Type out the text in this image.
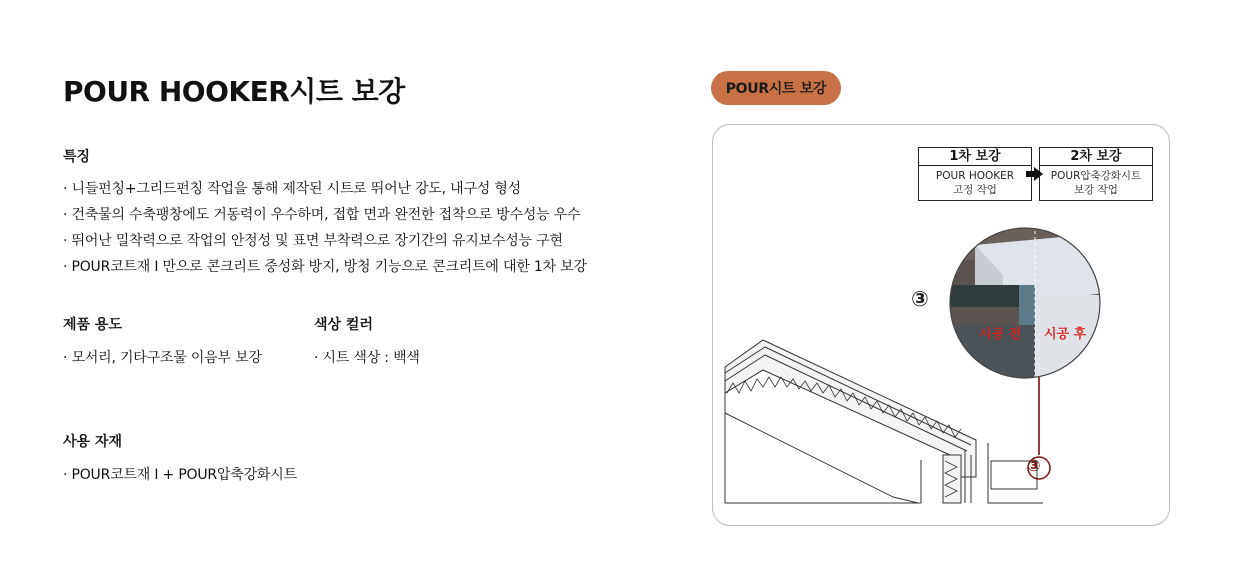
POUR HOOKER시트 보강
특징
· 니들펀칭+그리드펀칭 작업을 통해 제작된 시트로 뛰어난 강도, 내구성 형성
· 건축물의 수축팽창에도 거동력이 우수하며, 접합 면과 완전한 접착으로 방수성능 우수
· 뛰어난 밀착력으로 작업의 안정성 및 표면 부착력으로 장기간의 유지보수성능 구현
· POUR코트재 I 만으로 콘크리트 중성화 방지, 방청 기능으로 콘크리트에 대한 1차 보강
제품 용도
· 모서리, 기타구조물 이음부 보강
색상 컬러
· 시트 색상 : 백색
사용 자재
· POUR코트재 I + POUR압축강화시트
POUR시트 보강
1차 보강
POUR HOOKER
고정 작업
2차 보강
POUR압축강화시트
보강 작업
③
③
시공 전 시공 후
